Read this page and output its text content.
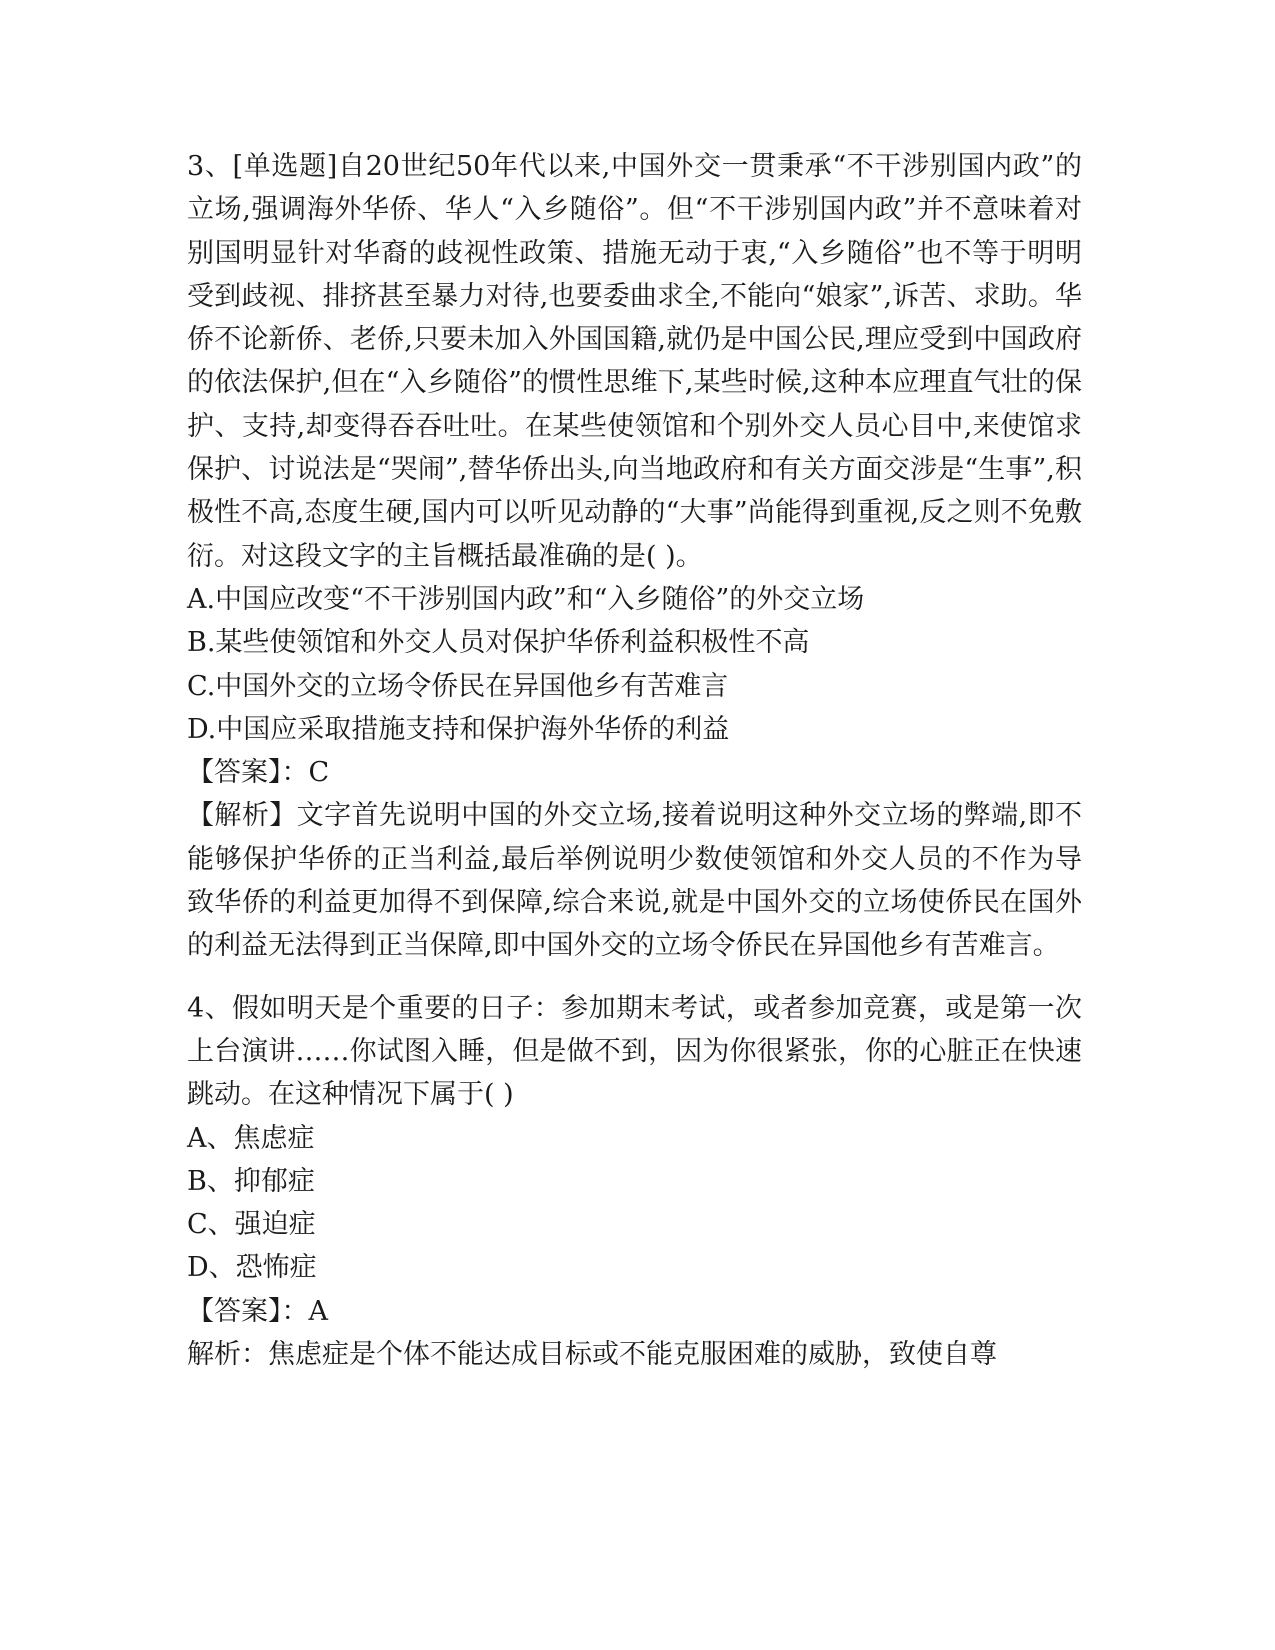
3、[单选题]自20世纪50年代以来,中国外交一贯秉承“不干涉别国内政”的立场,强调海外华侨、华人“入乡随俗”。但“不干涉别国内政”并不意味着对别国明显针对华裔的歧视性政策、措施无动于衷,“入乡随俗”也不等于明明受到歧视、排挤甚至暴力对待,也要委曲求全,不能向“娘家”,诉苦、求助。华侨不论新侨、老侨,只要未加入外国国籍,就仍是中国公民,理应受到中国政府的依法保护,但在“入乡随俗”的惯性思维下,某些时候,这种本应理直气壮的保护、支持,却变得吞吞吐吐。在某些使领馆和个别外交人员心目中,来使馆求保护、讨说法是“哭闹”,替华侨出头,向当地政府和有关方面交涉是“生事”,积极性不高,态度生硬,国内可以听见动静的“大事”尚能得到重视,反之则不免敷衍。对这段文字的主旨概括最准确的是( )。

A.中国应改变“不干涉别国内政”和“入乡随俗”的外交立场

B.某些使领馆和外交人员对保护华侨利益积极性不高

C.中国外交的立场令侨民在异国他乡有苦难言

D.中国应采取措施支持和保护海外华侨的利益

【答案】：C

【解析】文字首先说明中国的外交立场,接着说明这种外交立场的弊端,即不能够保护华侨的正当利益,最后举例说明少数使领馆和外交人员的不作为导致华侨的利益更加得不到保障,综合来说,就是中国外交的立场使侨民在国外的利益无法得到正当保障,即中国外交的立场令侨民在异国他乡有苦难言。

4、假如明天是个重要的日子：参加期末考试，或者参加竞赛，或是第一次上台演讲……你试图入睡，但是做不到，因为你很紧张，你的心脏正在快速跳动。在这种情况下属于( )

A、焦虑症

B、抑郁症

C、强迫症

D、恐怖症

【答案】：A

解析：焦虑症是个体不能达成目标或不能克服困难的威胁，致使自尊
